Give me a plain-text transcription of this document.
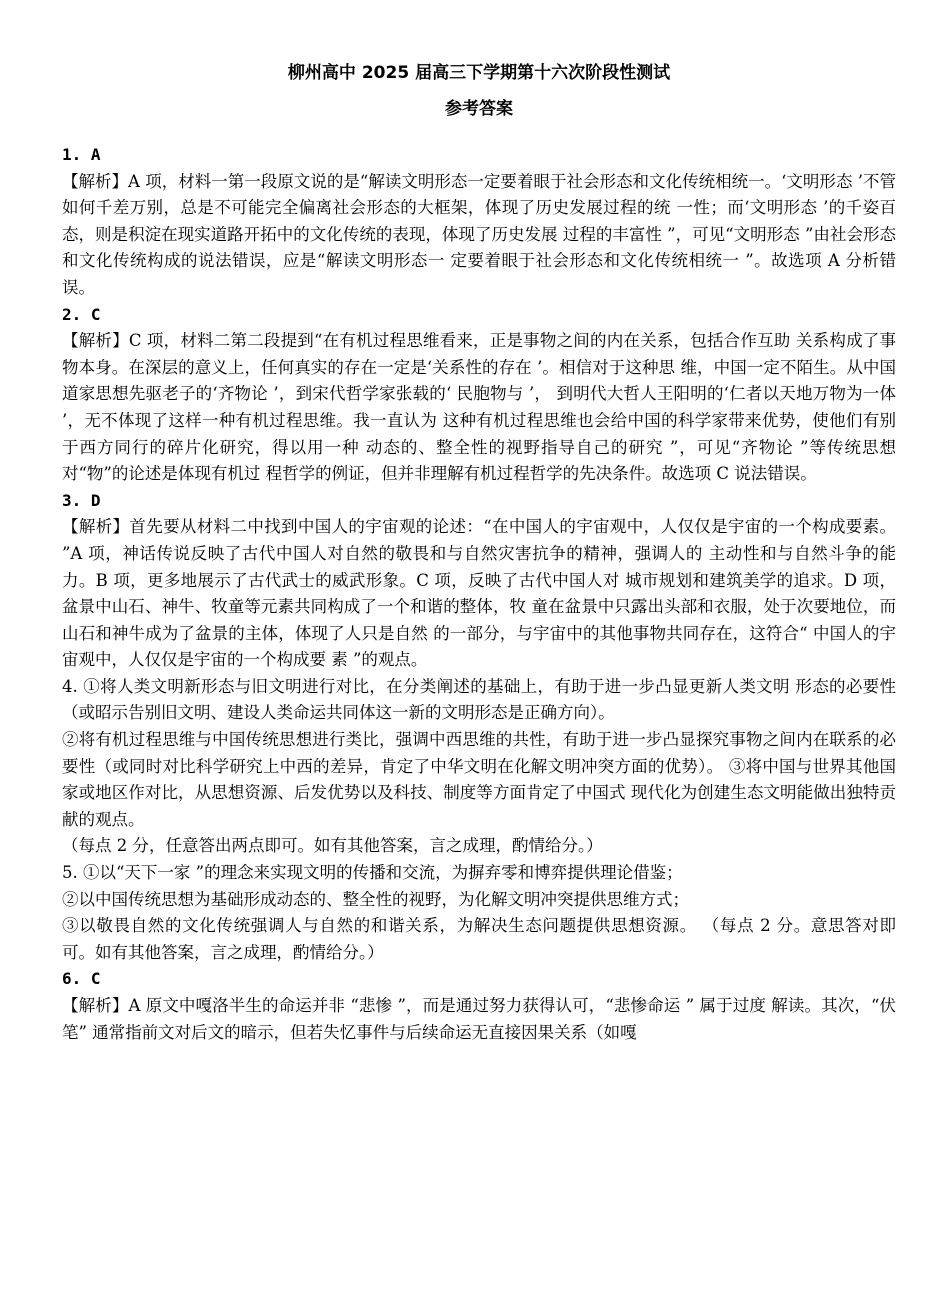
柳州高中 2025 届高三下学期第十六次阶段性测试
参考答案
1. A

【解析】A 项，材料一第一段原文说的是“解读文明形态一定要着眼于社会形态和文化传统相统一。‘文明形态 ’不管如何千差万别，总是不可能完全偏离社会形态的大框架，体现了历史发展过程的统 一性；而‘文明形态 ’的千姿百态，则是积淀在现实道路开拓中的文化传统的表现，体现了历史发展 过程的丰富性 ”，可见“文明形态 ”由社会形态和文化传统构成的说法错误，应是“解读文明形态一 定要着眼于社会形态和文化传统相统一 ”。故选项 A 分析错误。

2. C

【解析】C 项，材料二第二段提到“在有机过程思维看来，正是事物之间的内在关系，包括合作互助 关系构成了事物本身。在深层的意义上，任何真实的存在一定是‘关系性的存在 ’。相信对于这种思 维，中国一定不陌生。从中国道家思想先驱老子的‘齐物论 ’，到宋代哲学家张载的‘ 民胞物与 ’， 到明代大哲人王阳明的‘仁者以天地万物为一体 ’，无不体现了这样一种有机过程思维。我一直认为 这种有机过程思维也会给中国的科学家带来优势，使他们有别于西方同行的碎片化研究，得以用一种 动态的、整全性的视野指导自己的研究 ”，可见“齐物论 ”等传统思想对“物”的论述是体现有机过 程哲学的例证，但并非理解有机过程哲学的先决条件。故选项 C 说法错误。

3. D

【解析】首先要从材料二中找到中国人的宇宙观的论述：“在中国人的宇宙观中，人仅仅是宇宙的一个构成要素。 ”A 项，神话传说反映了古代中国人对自然的敬畏和与自然灾害抗争的精神，强调人的 主动性和与自然斗争的能力。B 项，更多地展示了古代武士的威武形象。C 项，反映了古代中国人对 城市规划和建筑美学的追求。D 项，盆景中山石、神牛、牧童等元素共同构成了一个和谐的整体，牧 童在盆景中只露出头部和衣服，处于次要地位，而山石和神牛成为了盆景的主体，体现了人只是自然 的一部分，与宇宙中的其他事物共同存在，这符合“ 中国人的宇宙观中，人仅仅是宇宙的一个构成要 素 ”的观点。

4. ①将人类文明新形态与旧文明进行对比，在分类阐述的基础上，有助于进一步凸显更新人类文明 形态的必要性（或昭示告别旧文明、建设人类命运共同体这一新的文明形态是正确方向）。

②将有机过程思维与中国传统思想进行类比，强调中西思维的共性，有助于进一步凸显探究事物之间内在联系的必要性（或同时对比科学研究上中西的差异，肯定了中华文明在化解文明冲突方面的优势）。 ③将中国与世界其他国家或地区作对比，从思想资源、后发优势以及科技、制度等方面肯定了中国式 现代化为创建生态文明能做出独特贡献的观点。

（每点 2 分，任意答出两点即可。如有其他答案，言之成理，酌情给分。）

5. ①以“天下一家 ”的理念来实现文明的传播和交流，为摒弃零和博弈提供理论借鉴；

②以中国传统思想为基础形成动态的、整全性的视野，为化解文明冲突提供思维方式；

③以敬畏自然的文化传统强调人与自然的和谐关系，为解决生态问题提供思想资源。 （每点 2 分。意思答对即可。如有其他答案，言之成理，酌情给分。）

6. C

【解析】A 原文中嘎洛半生的命运并非 “悲惨 ”，而是通过努力获得认可，“悲惨命运 ” 属于过度 解读。其次，“伏笔” 通常指前文对后文的暗示，但若失忆事件与后续命运无直接因果关系（如嘎
